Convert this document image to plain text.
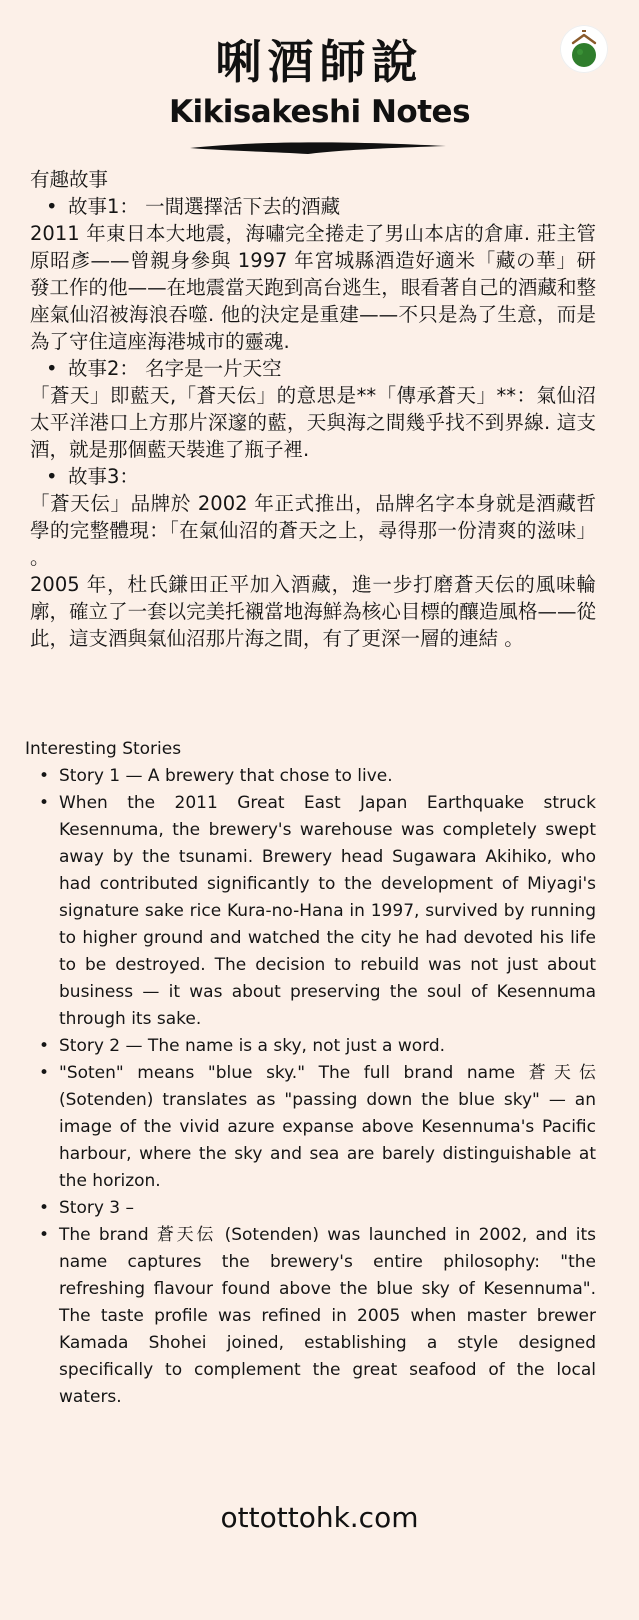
唎酒師說
Kikisakeshi Notes

有趣故事

• 故事1： 一間選擇活下去的酒藏

2011 年東日本大地震，海嘯完全捲走了男山本店的倉庫. 莊主管原昭彥——曾親身參與 1997 年宮城縣酒造好適米「藏の華」研發工作的他——在地震當天跑到高台逃生，眼看著自己的酒藏和整座氣仙沼被海浪吞噬. 他的決定是重建——不只是為了生意，而是為了守住這座海港城市的靈魂.

• 故事2： 名字是一片天空

「蒼天」即藍天,「蒼天伝」的意思是**「傳承蒼天」**：氣仙沼太平洋港口上方那片深邃的藍，天與海之間幾乎找不到界線. 這支酒，就是那個藍天裝進了瓶子裡.

• 故事3：

「蒼天伝」品牌於 2002 年正式推出，品牌名字本身就是酒藏哲學的完整體現：「在氣仙沼的蒼天之上，尋得那一份清爽的滋味」 。

2005 年，杜氏鎌田正平加入酒藏，進一步打磨蒼天伝的風味輪廓，確立了一套以完美托襯當地海鮮為核心目標的釀造風格——從此，這支酒與氣仙沼那片海之間，有了更深一層的連結 。

Interesting Stories

• Story 1 — A brewery that chose to live.
• When the 2011 Great East Japan Earthquake struck Kesennuma, the brewery's warehouse was completely swept away by the tsunami. Brewery head Sugawara Akihiko, who had contributed significantly to the development of Miyagi's signature sake rice Kura-no-Hana in 1997, survived by running to higher ground and watched the city he had devoted his life to be destroyed. The decision to rebuild was not just about business — it was about preserving the soul of Kesennuma through its sake.
• Story 2 — The name is a sky, not just a word.
• "Soten" means "blue sky." The full brand name 蒼天伝 (Sotenden) translates as "passing down the blue sky" — an image of the vivid azure expanse above Kesennuma's Pacific harbour, where the sky and sea are barely distinguishable at the horizon.
• Story 3 –
• The brand 蒼天伝 (Sotenden) was launched in 2002, and its name captures the brewery's entire philosophy: "the refreshing flavour found above the blue sky of Kesennuma". The taste profile was refined in 2005 when master brewer Kamada Shohei joined, establishing a style designed specifically to complement the great seafood of the local waters.
ottottohk.com
